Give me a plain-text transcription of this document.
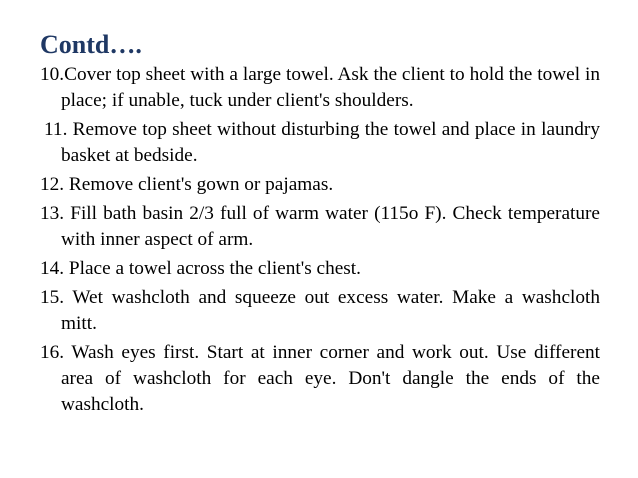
Contd….
10.Cover top sheet with a large towel. Ask the client to hold the towel in place; if unable, tuck under client's shoulders.
11. Remove top sheet without disturbing the towel and place in laundry basket at bedside.
12. Remove client's gown or pajamas.
13. Fill bath basin 2/3 full of warm water (115o F). Check temperature with inner aspect of arm.
14. Place a towel across the client's chest.
15. Wet washcloth and squeeze out excess water. Make a washcloth mitt.
16. Wash eyes first. Start at inner corner and work out. Use different area of washcloth for each eye. Don't dangle the ends of the washcloth.
